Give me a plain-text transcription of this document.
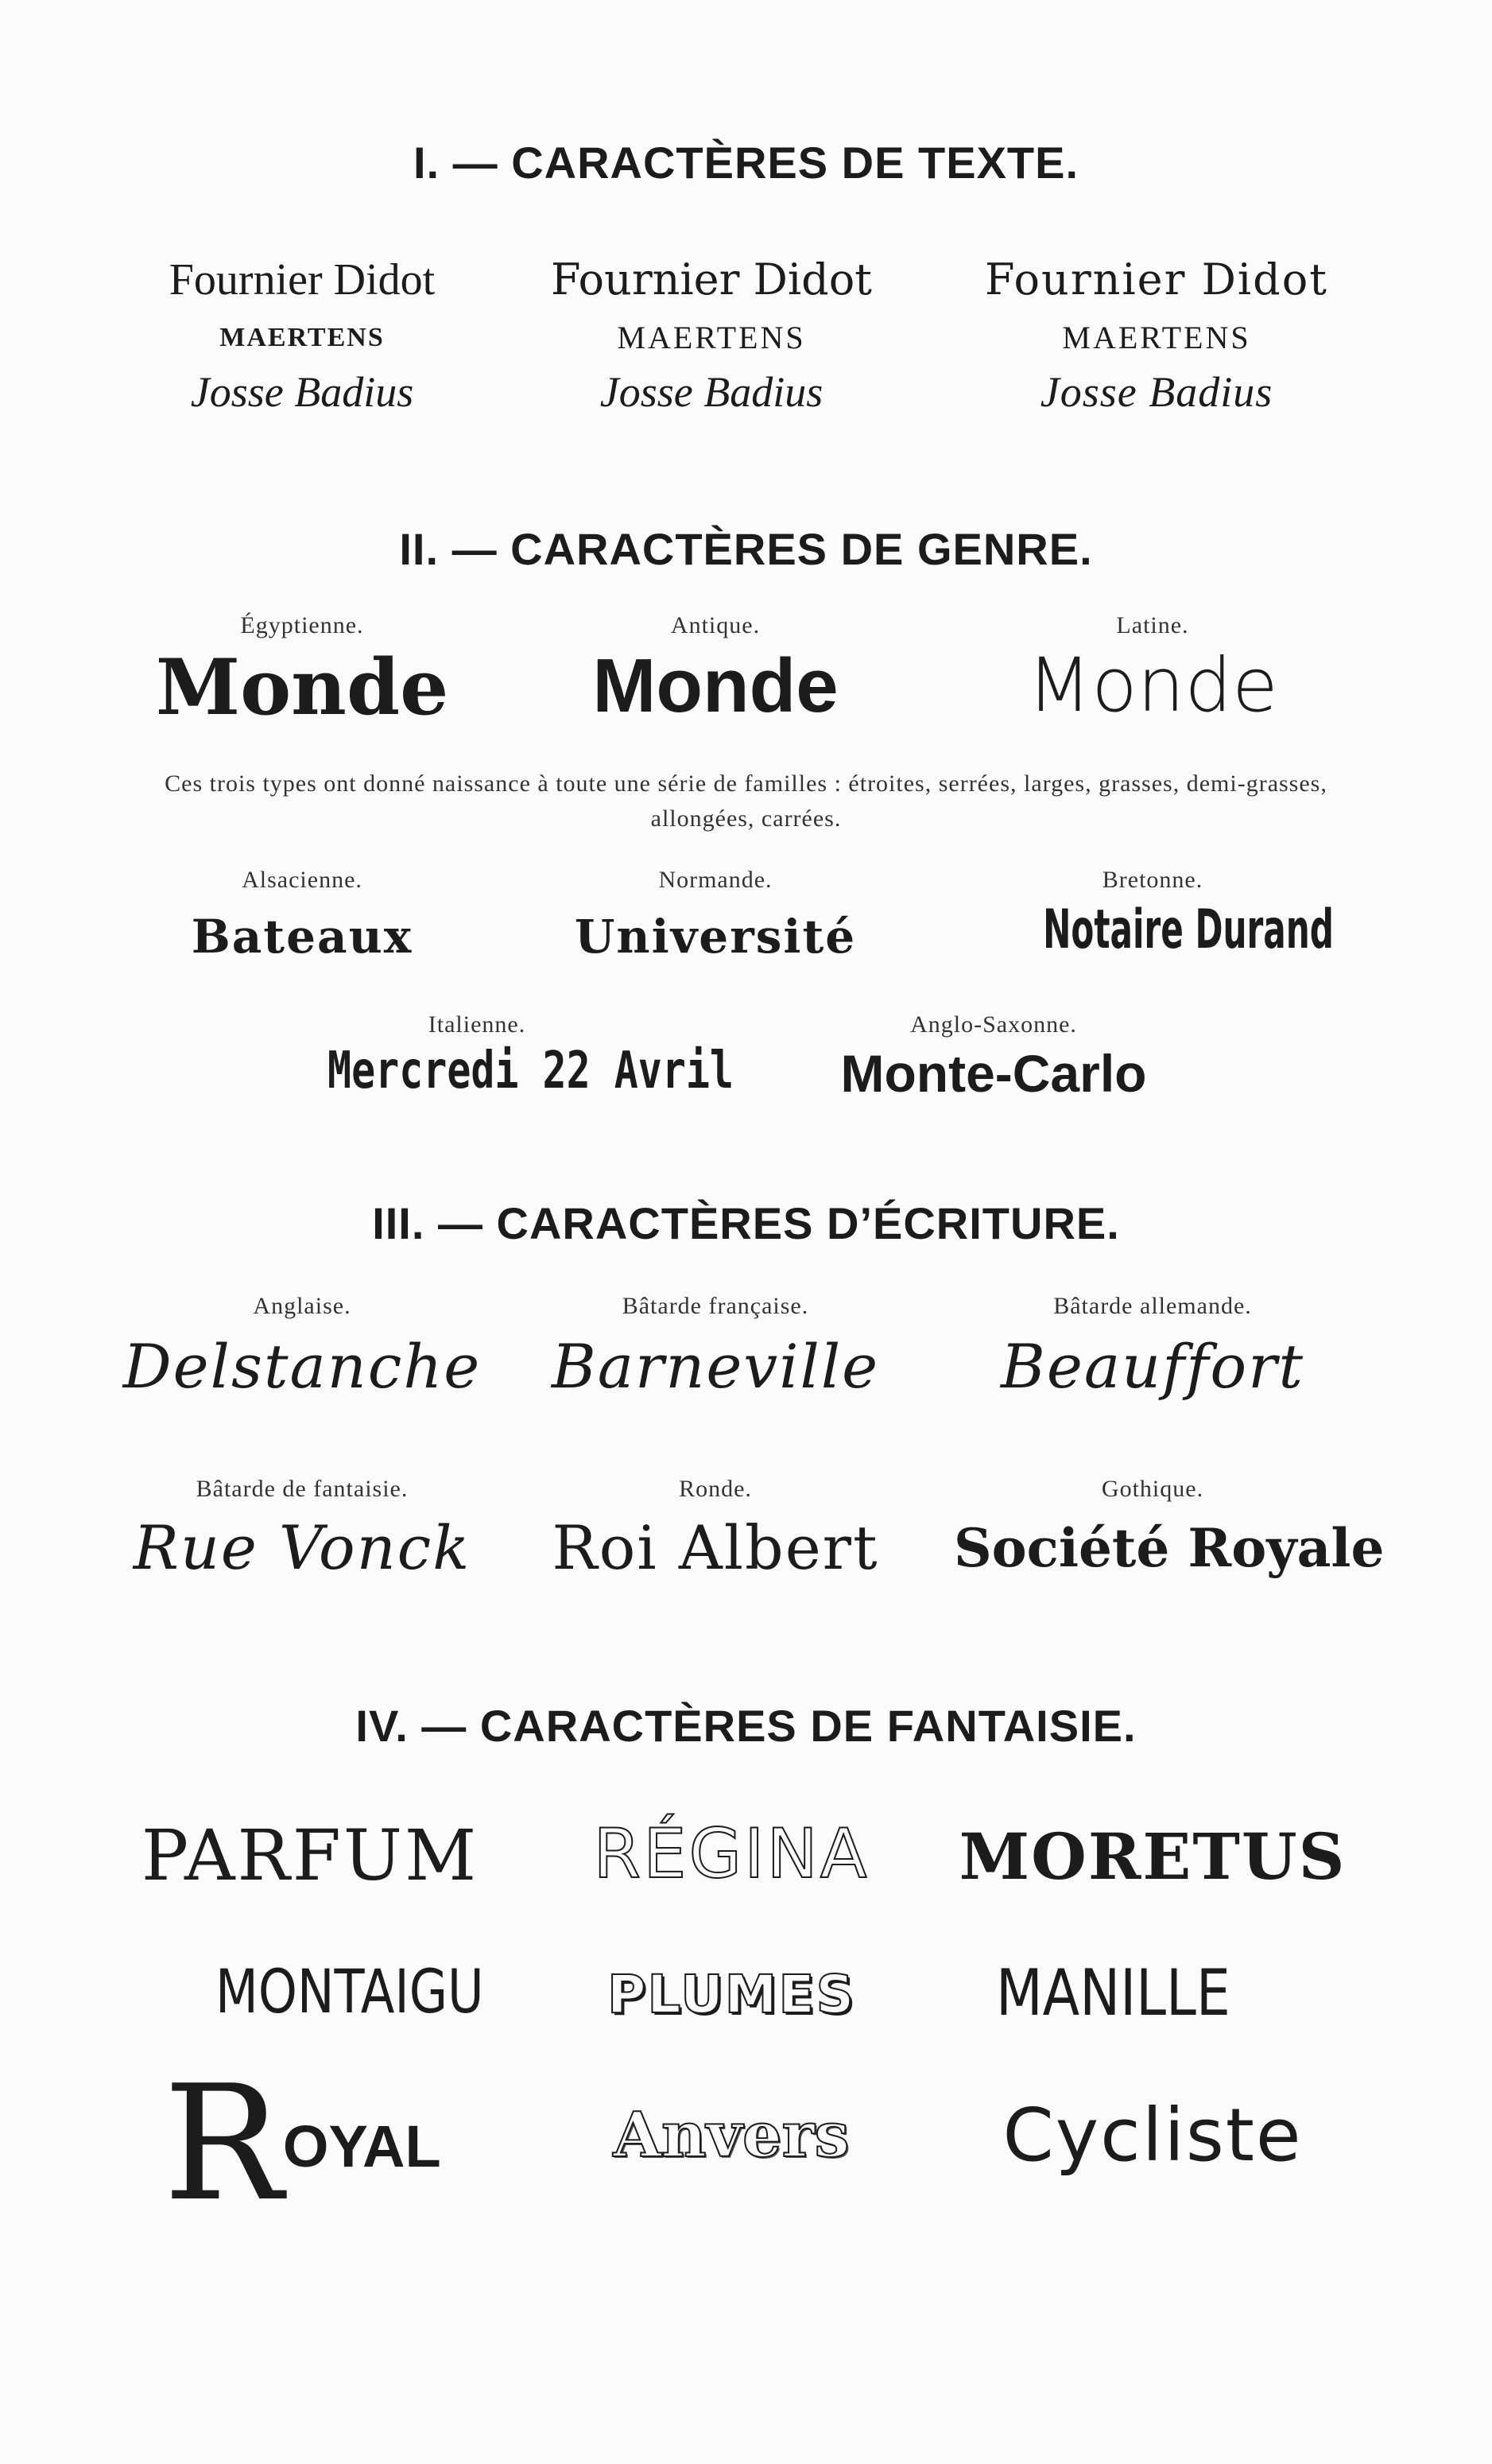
I. — CARACTÈRES DE TEXTE.
Fournier Didot
MAERTENS
Josse Badius
Fournier Didot
MAERTENS
Josse Badius
Fournier Didot
MAERTENS
Josse Badius
II. — CARACTÈRES DE GENRE.
Égyptienne.
Monde
Antique.
Monde
Latine.
Monde
Ces trois types ont donné naissance à toute une série de familles : étroites, serrées, larges, grasses, demi-grasses, allongées, carrées.
Alsacienne.
Bateaux
Normande.
Université
Bretonne.
Notaire Durand
Italienne.
Mercredi 22 Avril
Anglo-Saxonne.
Monte-Carlo
III. — CARACTÈRES D’ÉCRITURE.
Anglaise.
Delstanche
Bâtarde française.
Barneville
Bâtarde allemande.
Beauffort
Bâtarde de fantaisie.
Rue Vonck
Ronde.
Roi Albert
Gothique.
Société Royale
IV. — CARACTÈRES DE FANTAISIE.
PARFUM	RÉGINA	MORETUS
MONTAIGU	PLUMES	MANILLE
ROYAL	Anvers	Cycliste
